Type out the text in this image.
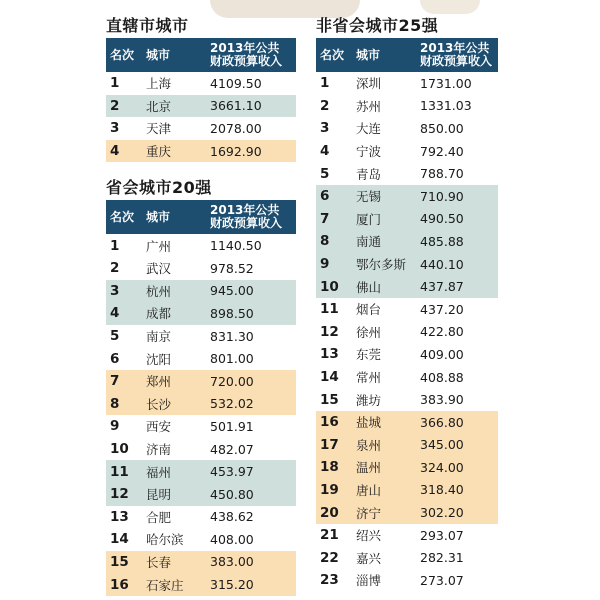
直辖市城市
名次	城市	2013年公共
财政预算收入
1	上海	4109.50
2	北京	3661.10
3	天津	2078.00
4	重庆	1692.90
省会城市20强
名次	城市	2013年公共
财政预算收入
1	广州	1140.50
2	武汉	978.52
3	杭州	945.00
4	成都	898.50
5	南京	831.30
6	沈阳	801.00
7	郑州	720.00
8	长沙	532.02
9	西安	501.91
10	济南	482.07
11	福州	453.97
12	昆明	450.80
13	合肥	438.62
14	哈尔滨	408.00
15	长春	383.00
16	石家庄	315.20
非省会城市25强
名次	城市	2013年公共
财政预算收入
1	深圳	1731.00
2	苏州	1331.03
3	大连	850.00
4	宁波	792.40
5	青岛	788.70
6	无锡	710.90
7	厦门	490.50
8	南通	485.88
9	鄂尔多斯	440.10
10	佛山	437.87
11	烟台	437.20
12	徐州	422.80
13	东莞	409.00
14	常州	408.88
15	潍坊	383.90
16	盐城	366.80
17	泉州	345.00
18	温州	324.00
19	唐山	318.40
20	济宁	302.20
21	绍兴	293.07
22	嘉兴	282.31
23	淄博	273.07
